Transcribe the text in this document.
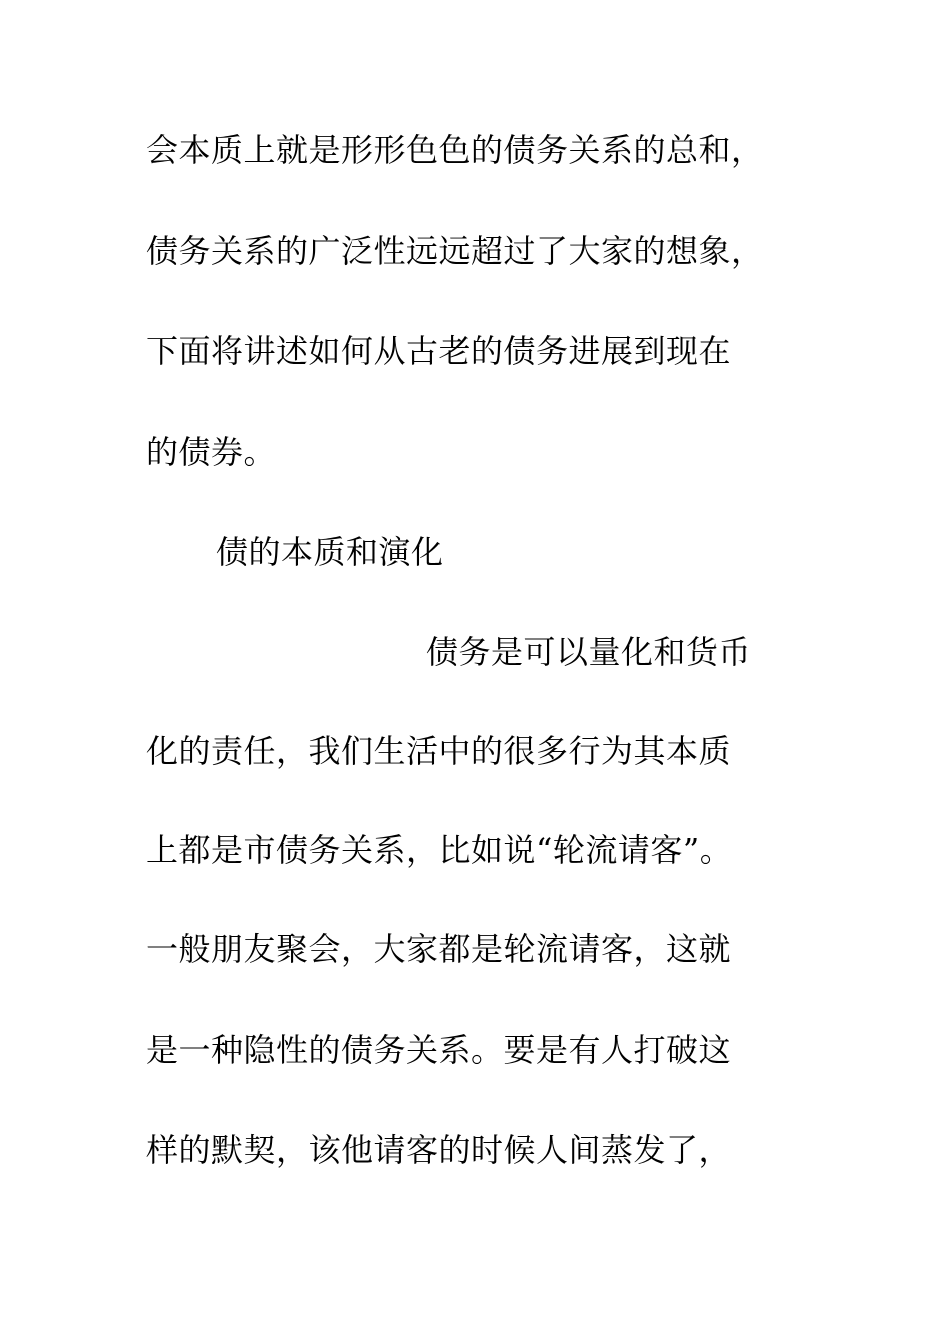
会本质上就是形形色色的债务关系的总和，
债务关系的广泛性远远超过了大家的想象，
下面将讲述如何从古老的债务进展到现在
的债券。
债的本质和演化
债务是可以量化和货币
化的责任，我们生活中的很多行为其本质
上都是市债务关系，比如说“轮流请客”。
一般朋友聚会，大家都是轮流请客，这就
是一种隐性的债务关系。要是有人打破这
样的默契，该他请客的时候人间蒸发了，
